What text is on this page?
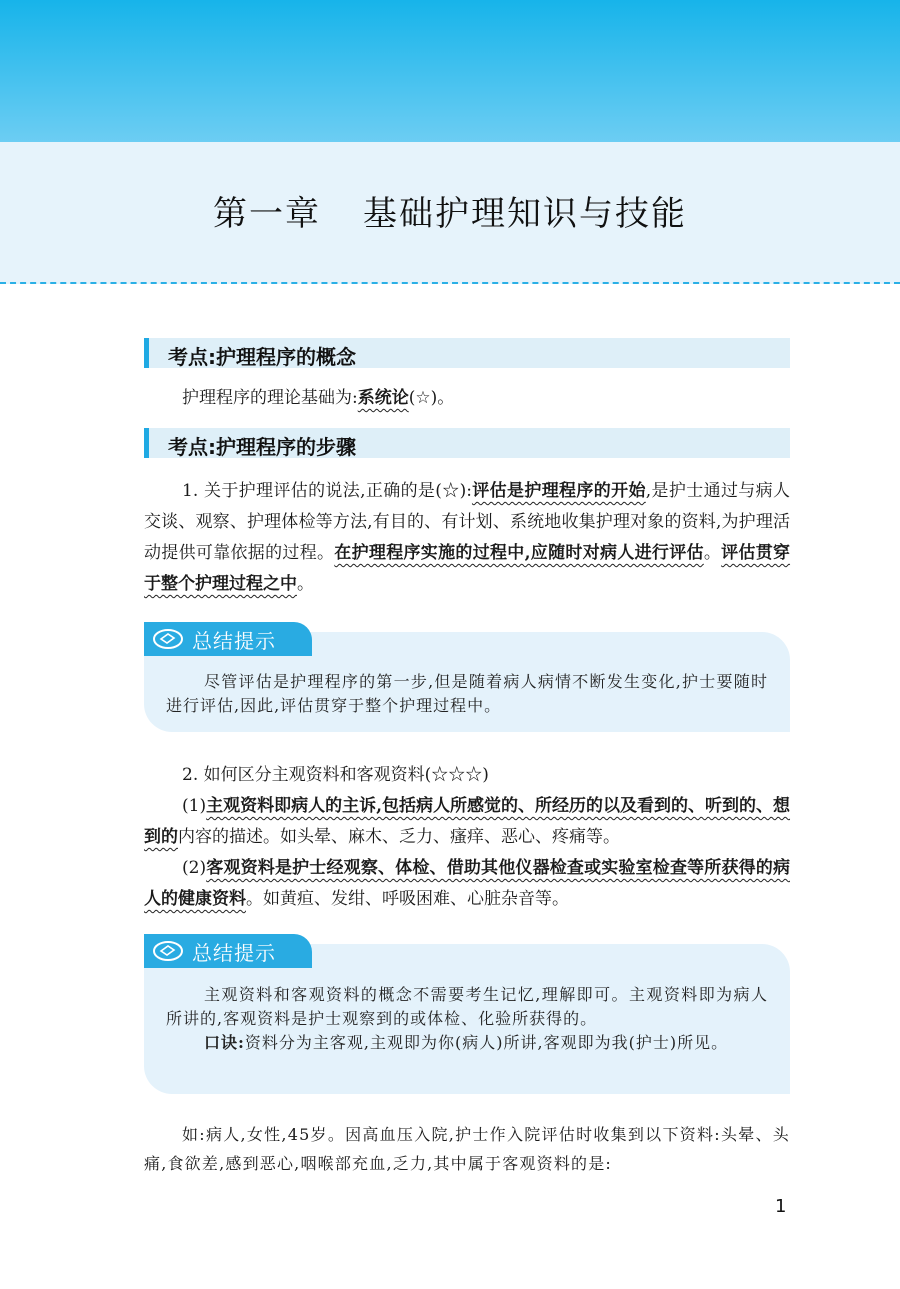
第一章 基础护理知识与技能
考点:护理程序的概念
护理程序的理论基础为:系统论(☆)。
考点:护理程序的步骤
1. 关于护理评估的说法,正确的是(☆):评估是护理程序的开始,是护士通过与病人交谈、观察、护理体检等方法,有目的、有计划、系统地收集护理对象的资料,为护理活动提供可靠依据的过程。在护理程序实施的过程中,应随时对病人进行评估。评估贯穿于整个护理过程之中。
总结提示

尽管评估是护理程序的第一步,但是随着病人病情不断发生变化,护士要随时进行评估,因此,评估贯穿于整个护理过程中。

2. 如何区分主观资料和客观资料(☆☆☆)
(1)主观资料即病人的主诉,包括病人所感觉的、所经历的以及看到的、听到的、想到的内容的描述。如头晕、麻木、乏力、瘙痒、恶心、疼痛等。
(2)客观资料是护士经观察、体检、借助其他仪器检查或实验室检查等所获得的病人的健康资料。如黄疸、发绀、呼吸困难、心脏杂音等。
总结提示

主观资料和客观资料的概念不需要考生记忆,理解即可。主观资料即为病人所讲的,客观资料是护士观察到的或体检、化验所获得的。

口诀:资料分为主客观,主观即为你(病人)所讲,客观即为我(护士)所见。

如:病人,女性,45岁。因高血压入院,护士作入院评估时收集到以下资料:头晕、头痛,食欲差,感到恶心,咽喉部充血,乏力,其中属于客观资料的是:
1
